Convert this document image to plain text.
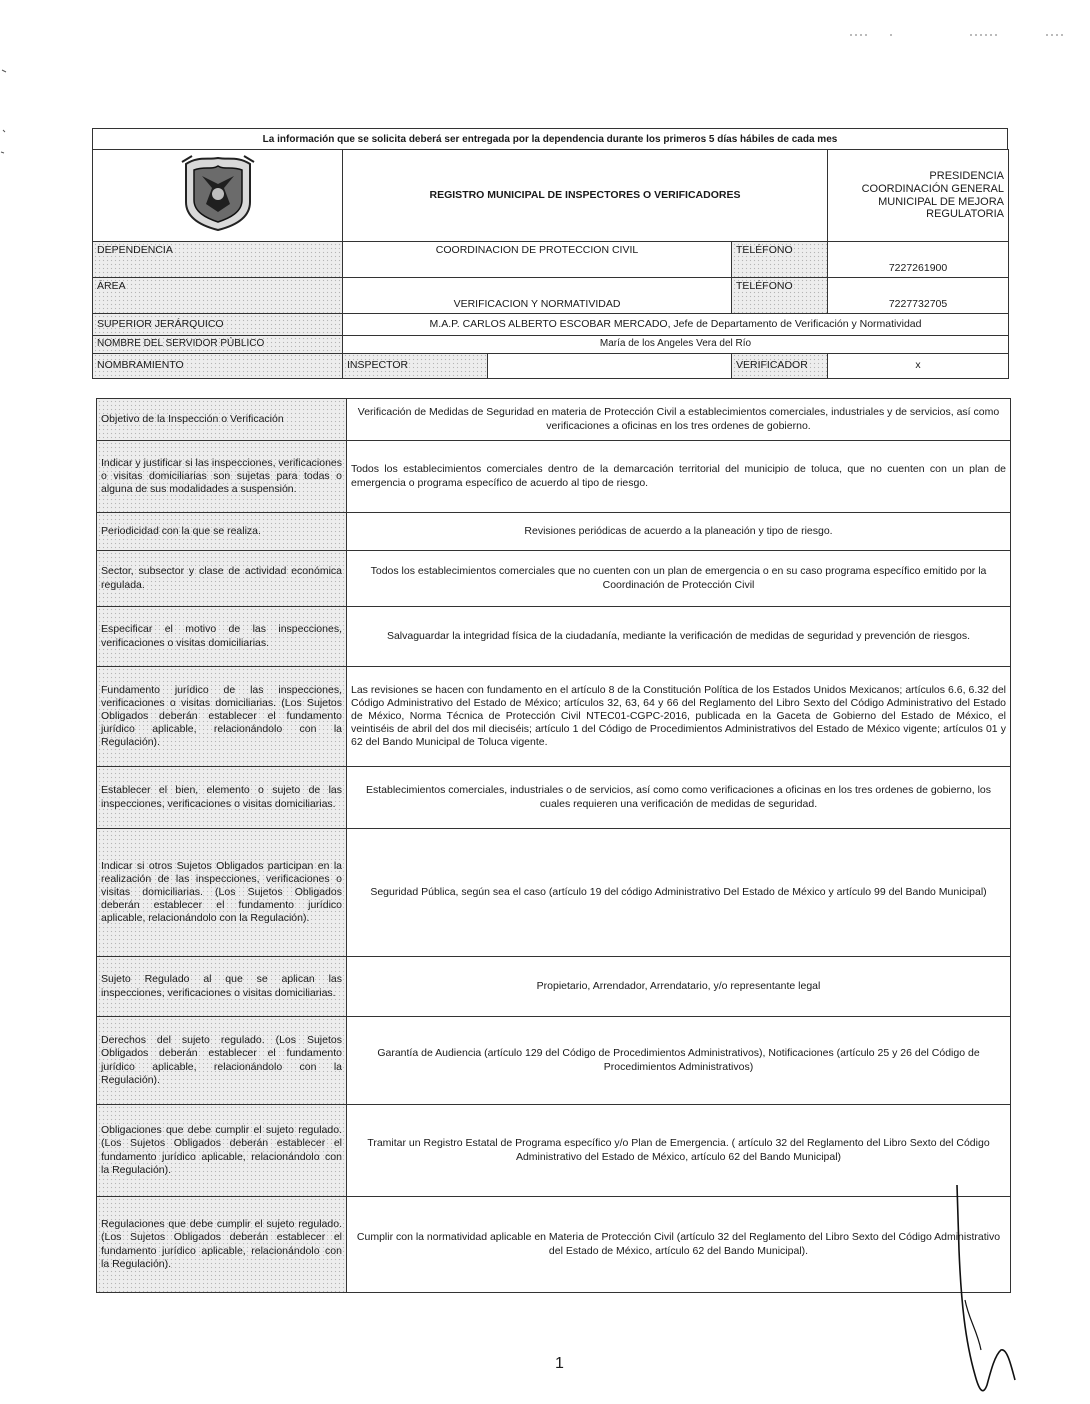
La información que se solicita deberá ser entregada por la dependencia durante los primeros 5 días hábiles de cada mes
	REGISTRO MUNICIPAL DE INSPECTORES O VERIFICADORES	
PRESIDENCIA
COORDINACIÓN GENERAL
MUNICIPAL DE MEJORA
REGULATORIA
DEPENDENCIA	COORDINACION DE PROTECCION CIVIL		TELÉFONO	7227261900
ÁREA	VERIFICACION Y NORMATIVIDAD		TELÉFONO	7227732705
SUPERIOR JERÁRQUICO	M.A.P. CARLOS ALBERTO ESCOBAR MERCADO, Jefe de Departamento de Verificación y Normatividad			
NOMBRE DEL SERVIDOR PÚBLICO	María de los Angeles Vera del Río			
NOMBRAMIENTO	INSPECTOR		VERIFICADOR	x
Objetivo de la Inspección o Verificación	Verificación de Medidas de Seguridad en materia de Protección Civil a establecimientos comerciales, industriales y de servicios, así como verificaciones a oficinas en los tres ordenes de gobierno.
Indicar y justificar si las inspecciones, verificaciones o visitas domiciliarias son sujetas para todas o alguna de sus modalidades a suspensión.	Todos los establecimientos comerciales dentro de la demarcación territorial del municipio de toluca, que no cuenten con un plan de emergencia o programa específico de acuerdo al tipo de riesgo.
Periodicidad con la que se realiza.	Revisiones periódicas de acuerdo a la planeación y tipo de riesgo.
Sector, subsector y clase de actividad económica regulada.	Todos los establecimientos comerciales que no cuenten con un plan de emergencia o en su caso programa específico emitido por la Coordinación de Protección Civil
Especificar el motivo de las inspecciones, verificaciones o visitas domiciliarias.	Salvaguardar la integridad física de la ciudadanía, mediante la verificación de medidas de seguridad y prevención de riesgos.
Fundamento jurídico de las inspecciones, verificaciones o visitas domiciliarias. (Los Sujetos Obligados deberán establecer el fundamento jurídico aplicable, relacionándolo con la Regulación).	Las revisiones se hacen con fundamento en el artículo 8 de la Constitución Política de los Estados Unidos Mexicanos; artículos 6.6, 6.32 del Código Administrativo del Estado de México; artículos 32, 63, 64 y 66 del Reglamento del Libro Sexto del Código Administrativo del Estado de México, Norma Técnica de Protección Civil NTEC01-CGPC-2016, publicada en la Gaceta de Gobierno del Estado de México, el veintiséis de abril del dos mil dieciséis; artículo 1 del Código de Procedimientos Administrativos del Estado de México vigente; artículos 01 y 62 del Bando Municipal de Toluca vigente.
Establecer el bien, elemento o sujeto de las inspecciones, verificaciones o visitas domiciliarias.	Establecimientos comerciales, industriales o de servicios, así como como verificaciones a oficinas en los tres ordenes de gobierno, los cuales requieren una verificación de medidas de seguridad.
Indicar si otros Sujetos Obligados participan en la realización de las inspecciones, verificaciones o visitas domiciliarias. (Los Sujetos Obligados deberán establecer el fundamento jurídico aplicable, relacionándolo con la Regulación).	Seguridad Pública, según sea el caso (artículo 19 del código Administrativo Del Estado de México y artículo 99 del Bando Municipal)
Sujeto Regulado al que se aplican las inspecciones, verificaciones o visitas domiciliarias.	Propietario, Arrendador, Arrendatario, y/o representante legal
Derechos del sujeto regulado. (Los Sujetos Obligados deberán establecer el fundamento jurídico aplicable, relacionándolo con la Regulación).	Garantía de Audiencia (artículo 129 del Código de Procedimientos Administrativos), Notificaciones (artículo 25 y 26 del Código de Procedimientos Administrativos)
Obligaciones que debe cumplir el sujeto regulado. (Los Sujetos Obligados deberán establecer el fundamento jurídico aplicable, relacionándolo con la Regulación).	Tramitar un Registro Estatal de Programa específico y/o Plan de Emergencia. ( artículo 32 del Reglamento del Libro Sexto del Código Administrativo del Estado de México, artículo 62 del Bando Municipal)
Regulaciones que debe cumplir el sujeto regulado. (Los Sujetos Obligados deberán establecer el fundamento jurídico aplicable, relacionándolo con la Regulación).	Cumplir con la normatividad aplicable en Materia de Protección Civil (artículo 32 del Reglamento del Libro Sexto del Código Administrativo del Estado de México, artículo 62 del Bando Municipal).
1
